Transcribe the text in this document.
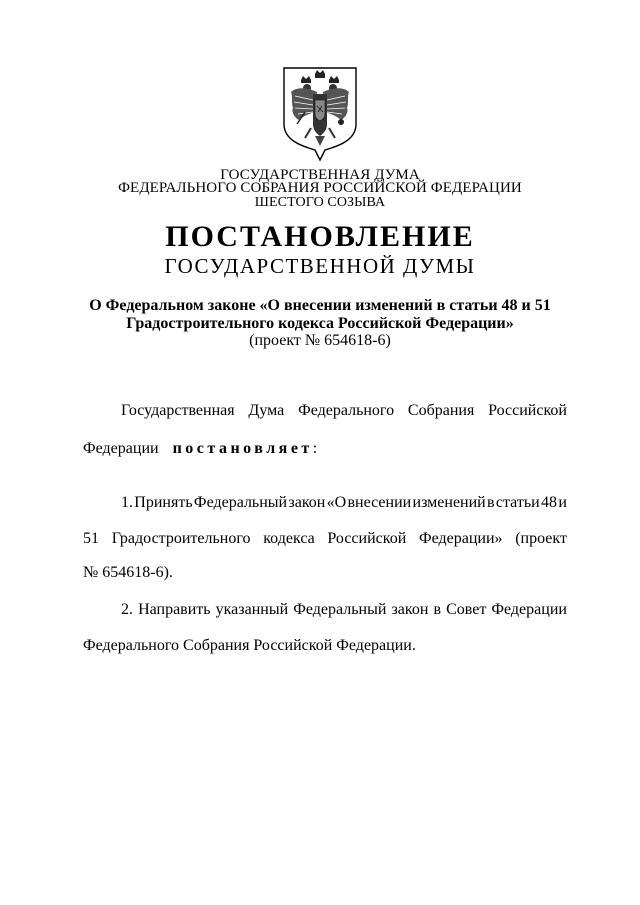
ГОСУДАРСТВЕННАЯ ДУМА
ФЕДЕРАЛЬНОГО СОБРАНИЯ РОССИЙСКОЙ ФЕДЕРАЦИИ
ШЕСТОГО СОЗЫВА
ПОСТАНОВЛЕНИЕ
ГОСУДАРСТВЕННОЙ ДУМЫ
О Федеральном законе «О внесении изменений в статьи 48 и 51
Градостроительного кодекса Российской Федерации»
(проект № 654618-6)
Государственная Дума Федерального Собрания Российской
Федерации постановляет:
1. Принять Федеральный закон «О внесении изменений в статьи 48 и
51 Градостроительного кодекса Российской Федерации» (проект
№ 654618-6).
2. Направить указанный Федеральный закон в Совет Федерации
Федерального Собрания Российской Федерации.
